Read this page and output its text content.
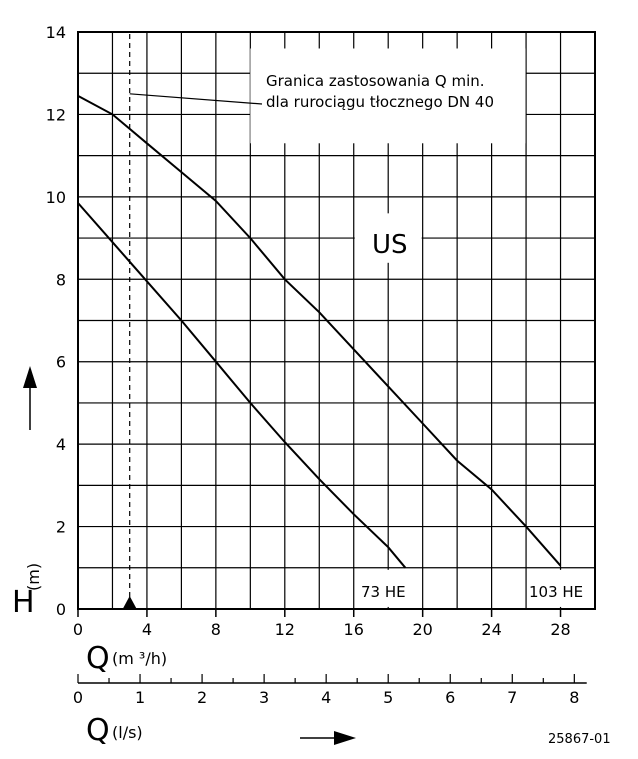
Granica zastosowania Q min.
dla rurociągu tłocznego DN 40
US
73 HE	103 HE
H
(m)
Q (m ³/h)
Q (l/s)	25867-01
0	4	8	12	16	20	24	28
0
2
4
6
8
10
12
14
0	1	2	3	4	5	6	7	8
